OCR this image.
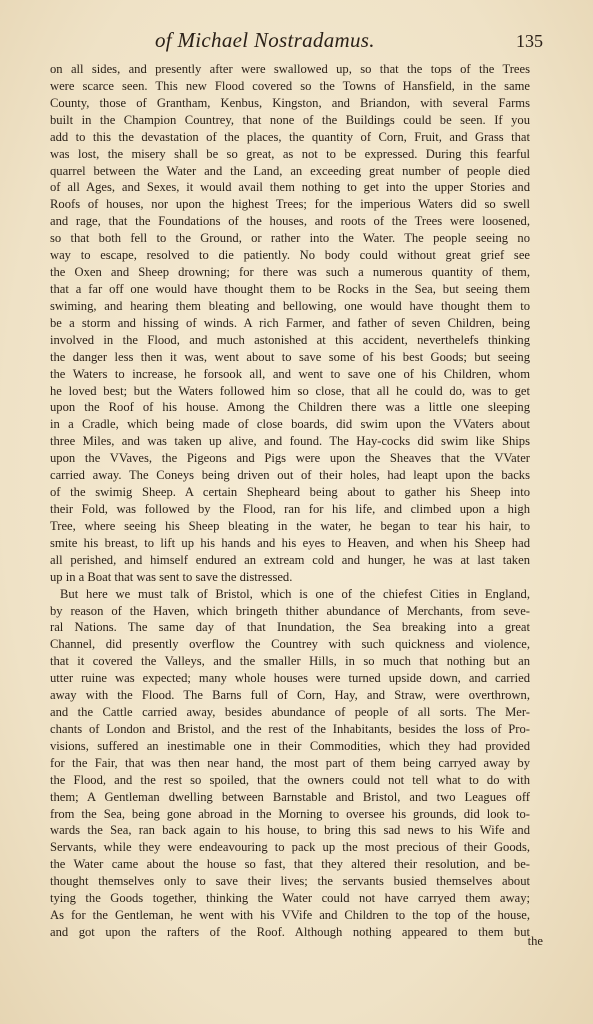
of Michael Nostradamus.	135
on all sides, and presently after were swallowed up, so that the tops of the Trees
were scarce seen. This new Flood covered so the Towns of Hansfield, in the same
County, those of Grantham, Kenbus, Kingston, and Briandon, with several Farms
built in the Champion Countrey, that none of the Buildings could be seen. If you
add to this the devastation of the places, the quantity of Corn, Fruit, and Grass that
was lost, the misery shall be so great, as not to be expressed. During this fearful
quarrel between the Water and the Land, an exceeding great number of people died
of all Ages, and Sexes, it would avail them nothing to get into the upper Stories and
Roofs of houses, nor upon the highest Trees; for the imperious Waters did so swell
and rage, that the Foundations of the houses, and roots of the Trees were loosened,
so that both fell to the Ground, or rather into the Water. The people seeing no
way to escape, resolved to die patiently. No body could without great grief see
the Oxen and Sheep drowning; for there was such a numerous quantity of them,
that a far off one would have thought them to be Rocks in the Sea, but seeing them
swiming, and hearing them bleating and bellowing, one would have thought them to
be a storm and hissing of winds. A rich Farmer, and father of seven Children, being
involved in the Flood, and much astonished at this accident, neverthelefs thinking
the danger less then it was, went about to save some of his best Goods; but seeing
the Waters to increase, he forsook all, and went to save one of his Children, whom
he loved best; but the Waters followed him so close, that all he could do, was to get
upon the Roof of his house. Among the Children there was a little one sleeping
in a Cradle, which being made of close boards, did swim upon the VVaters about
three Miles, and was taken up alive, and found. The Hay-cocks did swim like Ships
upon the VVaves, the Pigeons and Pigs were upon the Sheaves that the VVater
carried away. The Coneys being driven out of their holes, had leapt upon the backs
of the swimig Sheep. A certain Shepheard being about to gather his Sheep into
their Fold, was followed by the Flood, ran for his life, and climbed upon a high
Tree, where seeing his Sheep bleating in the water, he began to tear his hair, to
smite his breast, to lift up his hands and his eyes to Heaven, and when his Sheep had
all perished, and himself endured an extream cold and hunger, he was at last taken
up in a Boat that was sent to save the distressed.
But here we must talk of Bristol, which is one of the chiefest Cities in England,
by reason of the Haven, which bringeth thither abundance of Merchants, from seve-
ral Nations. The same day of that Inundation, the Sea breaking into a great
Channel, did presently overflow the Countrey with such quickness and violence,
that it covered the Valleys, and the smaller Hills, in so much that nothing but an
utter ruine was expected; many whole houses were turned upside down, and carried
away with the Flood. The Barns full of Corn, Hay, and Straw, were overthrown,
and the Cattle carried away, besides abundance of people of all sorts. The Mer-
chants of London and Bristol, and the rest of the Inhabitants, besides the loss of Pro-
visions, suffered an inestimable one in their Commodities, which they had provided
for the Fair, that was then near hand, the most part of them being carryed away by
the Flood, and the rest so spoiled, that the owners could not tell what to do with
them; A Gentleman dwelling between Barnstable and Bristol, and two Leagues off
from the Sea, being gone abroad in the Morning to oversee his grounds, did look to-
wards the Sea, ran back again to his house, to bring this sad news to his Wife and
Servants, while they were endeavouring to pack up the most precious of their Goods,
the Water came about the house so fast, that they altered their resolution, and be-
thought themselves only to save their lives; the servants busied themselves about
tying the Goods together, thinking the Water could not have carryed them away;
As for the Gentleman, he went with his VVife and Children to the top of the house,
and got upon the rafters of the Roof. Although nothing appeared to them but
the
